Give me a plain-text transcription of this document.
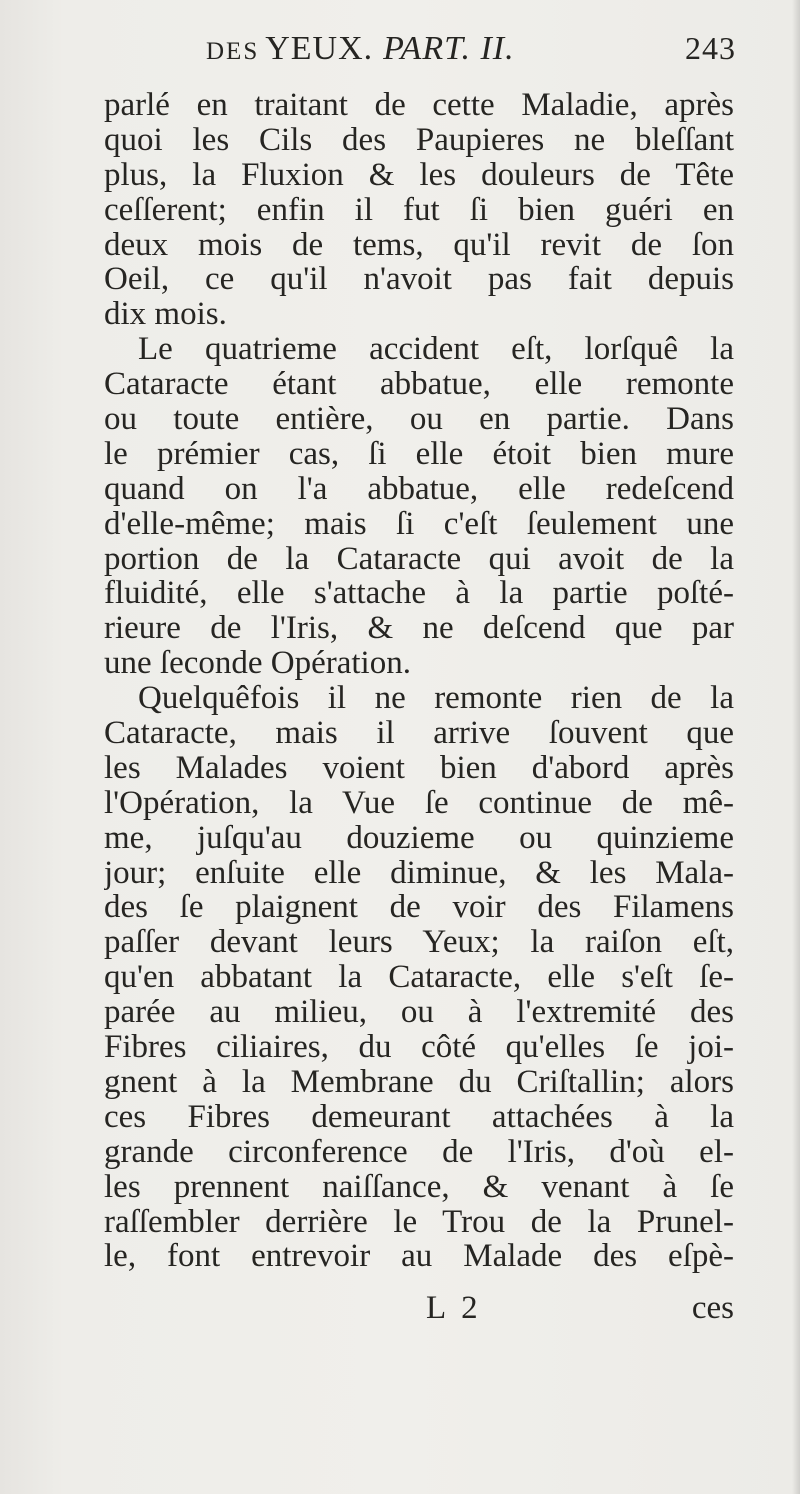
DES YEUX. PART. II.	243
parlé en traitant de cette Maladie, après
quoi les Cils des Paupieres ne bleſſant
plus, la Fluxion & les douleurs de Tête
ceſſerent; enfin il fut ſi bien guéri en
deux mois de tems, qu'il revit de ſon
Oeil, ce qu'il n'avoit pas fait depuis
dix mois.
Le quatrieme accident eſt, lorſquê la
Cataracte étant abbatue, elle remonte
ou toute entière, ou en partie. Dans
le prémier cas, ſi elle étoit bien mure
quand on l'a abbatue, elle redeſcend
d'elle-même; mais ſi c'eſt ſeulement une
portion de la Cataracte qui avoit de la
fluidité, elle s'attache à la partie poſté-
rieure de l'Iris, & ne deſcend que par
une ſeconde Opération.
Quelquêfois il ne remonte rien de la
Cataracte, mais il arrive ſouvent que
les Malades voient bien d'abord après
l'Opération, la Vue ſe continue de mê-
me, juſqu'au douzieme ou quinzieme
jour; enſuite elle diminue, & les Mala-
des ſe plaignent de voir des Filamens
paſſer devant leurs Yeux; la raiſon eſt,
qu'en abbatant la Cataracte, elle s'eſt ſe-
parée au milieu, ou à l'extremité des
Fibres ciliaires, du côté qu'elles ſe joi-
gnent à la Membrane du Criſtallin; alors
ces Fibres demeurant attachées à la
grande circonference de l'Iris, d'où el-
les prennent naiſſance, & venant à ſe
raſſembler derrière le Trou de la Prunel-
le, font entrevoir au Malade des eſpè-
L 2	ces
